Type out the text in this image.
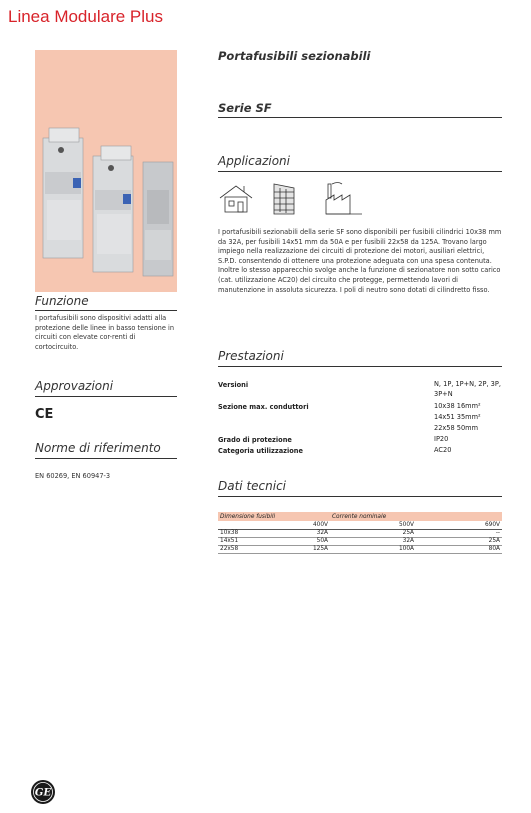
Linea Modulare Plus
Funzione
I portafusibili sono dispositivi adatti alla protezione delle linee in basso tensione in circuiti con elevate cor-renti di cortocircuito.
Approvazioni
CE
Norme di riferimento
EN 60269, EN 60947-3
Portafusibili sezionabili
Serie SF
Applicazioni
I portafusibili sezionabili della serie SF sono disponibili per fusibili cilindrici 10x38 mm da 32A, per fusibili 14x51 mm da 50A e per fusibili 22x58 da 125A. Trovano largo impiego nella realizzazione dei circuiti di protezione dei motori, ausiliari elettrici, S.P.D. consentendo di ottenere una protezione adeguata con una spesa contenuta. Inoltre lo stesso apparecchio svolge anche la funzione di sezionatore non sotto carico (cat. utilizzazione AC20) del circuito che protegge, permettendo lavori di manutenzione in assoluta sicurezza. I poli di neutro sono dotati di cilindretto fisso.
Prestazioni
Versioni	N, 1P, 1P+N, 2P, 3P, 3P+N
Sezione max. conduttori	10x38 16mm²
14x51 35mm²
22x58 50mm
Grado di protezione	IP20
Categoria utilizzazione	AC20
Dati tecnici
Dimensione fusibili		Corrente nominale	
	400V	500V	690V
10x38	32A	25A	--
14x51	50A	32A	25A
22x58	125A	100A	80A
GE
